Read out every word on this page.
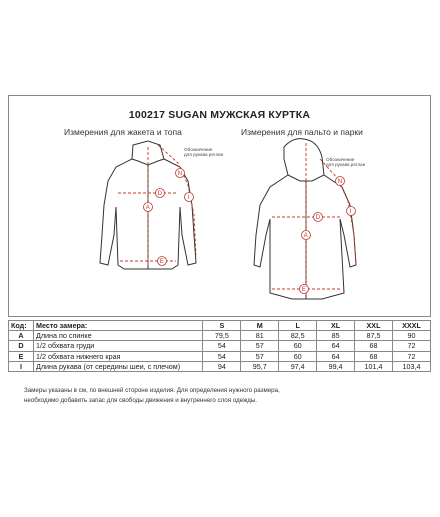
100217 SUGAN МУЖСКАЯ КУРТКА
Измерения для жакета и топа	Измерения для пальто и парки
A
D
E
N
I
A
D
E
N
I
Обозначение
для рукава реглан
Обозначение
для рукава реглан
Код:	Место замера:	S	M	L	XL	XXL	XXXL
A	Длина по спинке	79,5	81	82,5	85	87,5	90
D	1/2 обхвата груди	54	57	60	64	68	72
E	1/2 обхвата нижнего края	54	57	60	64	68	72
I	Длина рукава (от середины шеи, с плечом)	94	95,7	97,4	99,4	101,4	103,4
Замеры указаны в см, по внешней стороне изделия. Для определения нужного размера,
необходимо добавить запас для свободы движения и внутреннего слоя одежды.
